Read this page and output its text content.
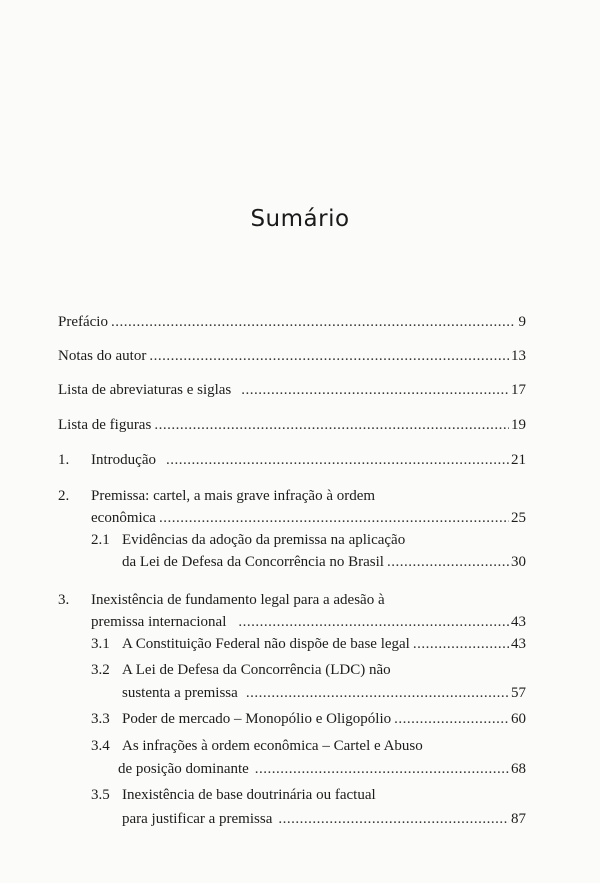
Sumário
Prefácio .....	9
Notas do autor .....	13
Lista de abreviaturas e siglas .....	17
Lista de figuras .....	19
1.	Introdução .....	21
2.	Premissa: cartel, a mais grave infração à ordem
econômica .....	25
2.1 Evidências da adoção da premissa na aplicação
da Lei de Defesa da Concorrência no Brasil .....	30
3.	Inexistência de fundamento legal para a adesão à
premissa internacional .....	43
3.1 A Constituição Federal não dispõe de base legal .....	43
3.2 A Lei de Defesa da Concorrência (LDC) não
sustenta a premissa .....	57
3.3 Poder de mercado – Monopólio e Oligopólio .....	60
3.4 As infrações à ordem econômica – Cartel e Abuso
de posição dominante .....	68
3.5 Inexistência de base doutrinária ou factual
para justificar a premissa .....	87
